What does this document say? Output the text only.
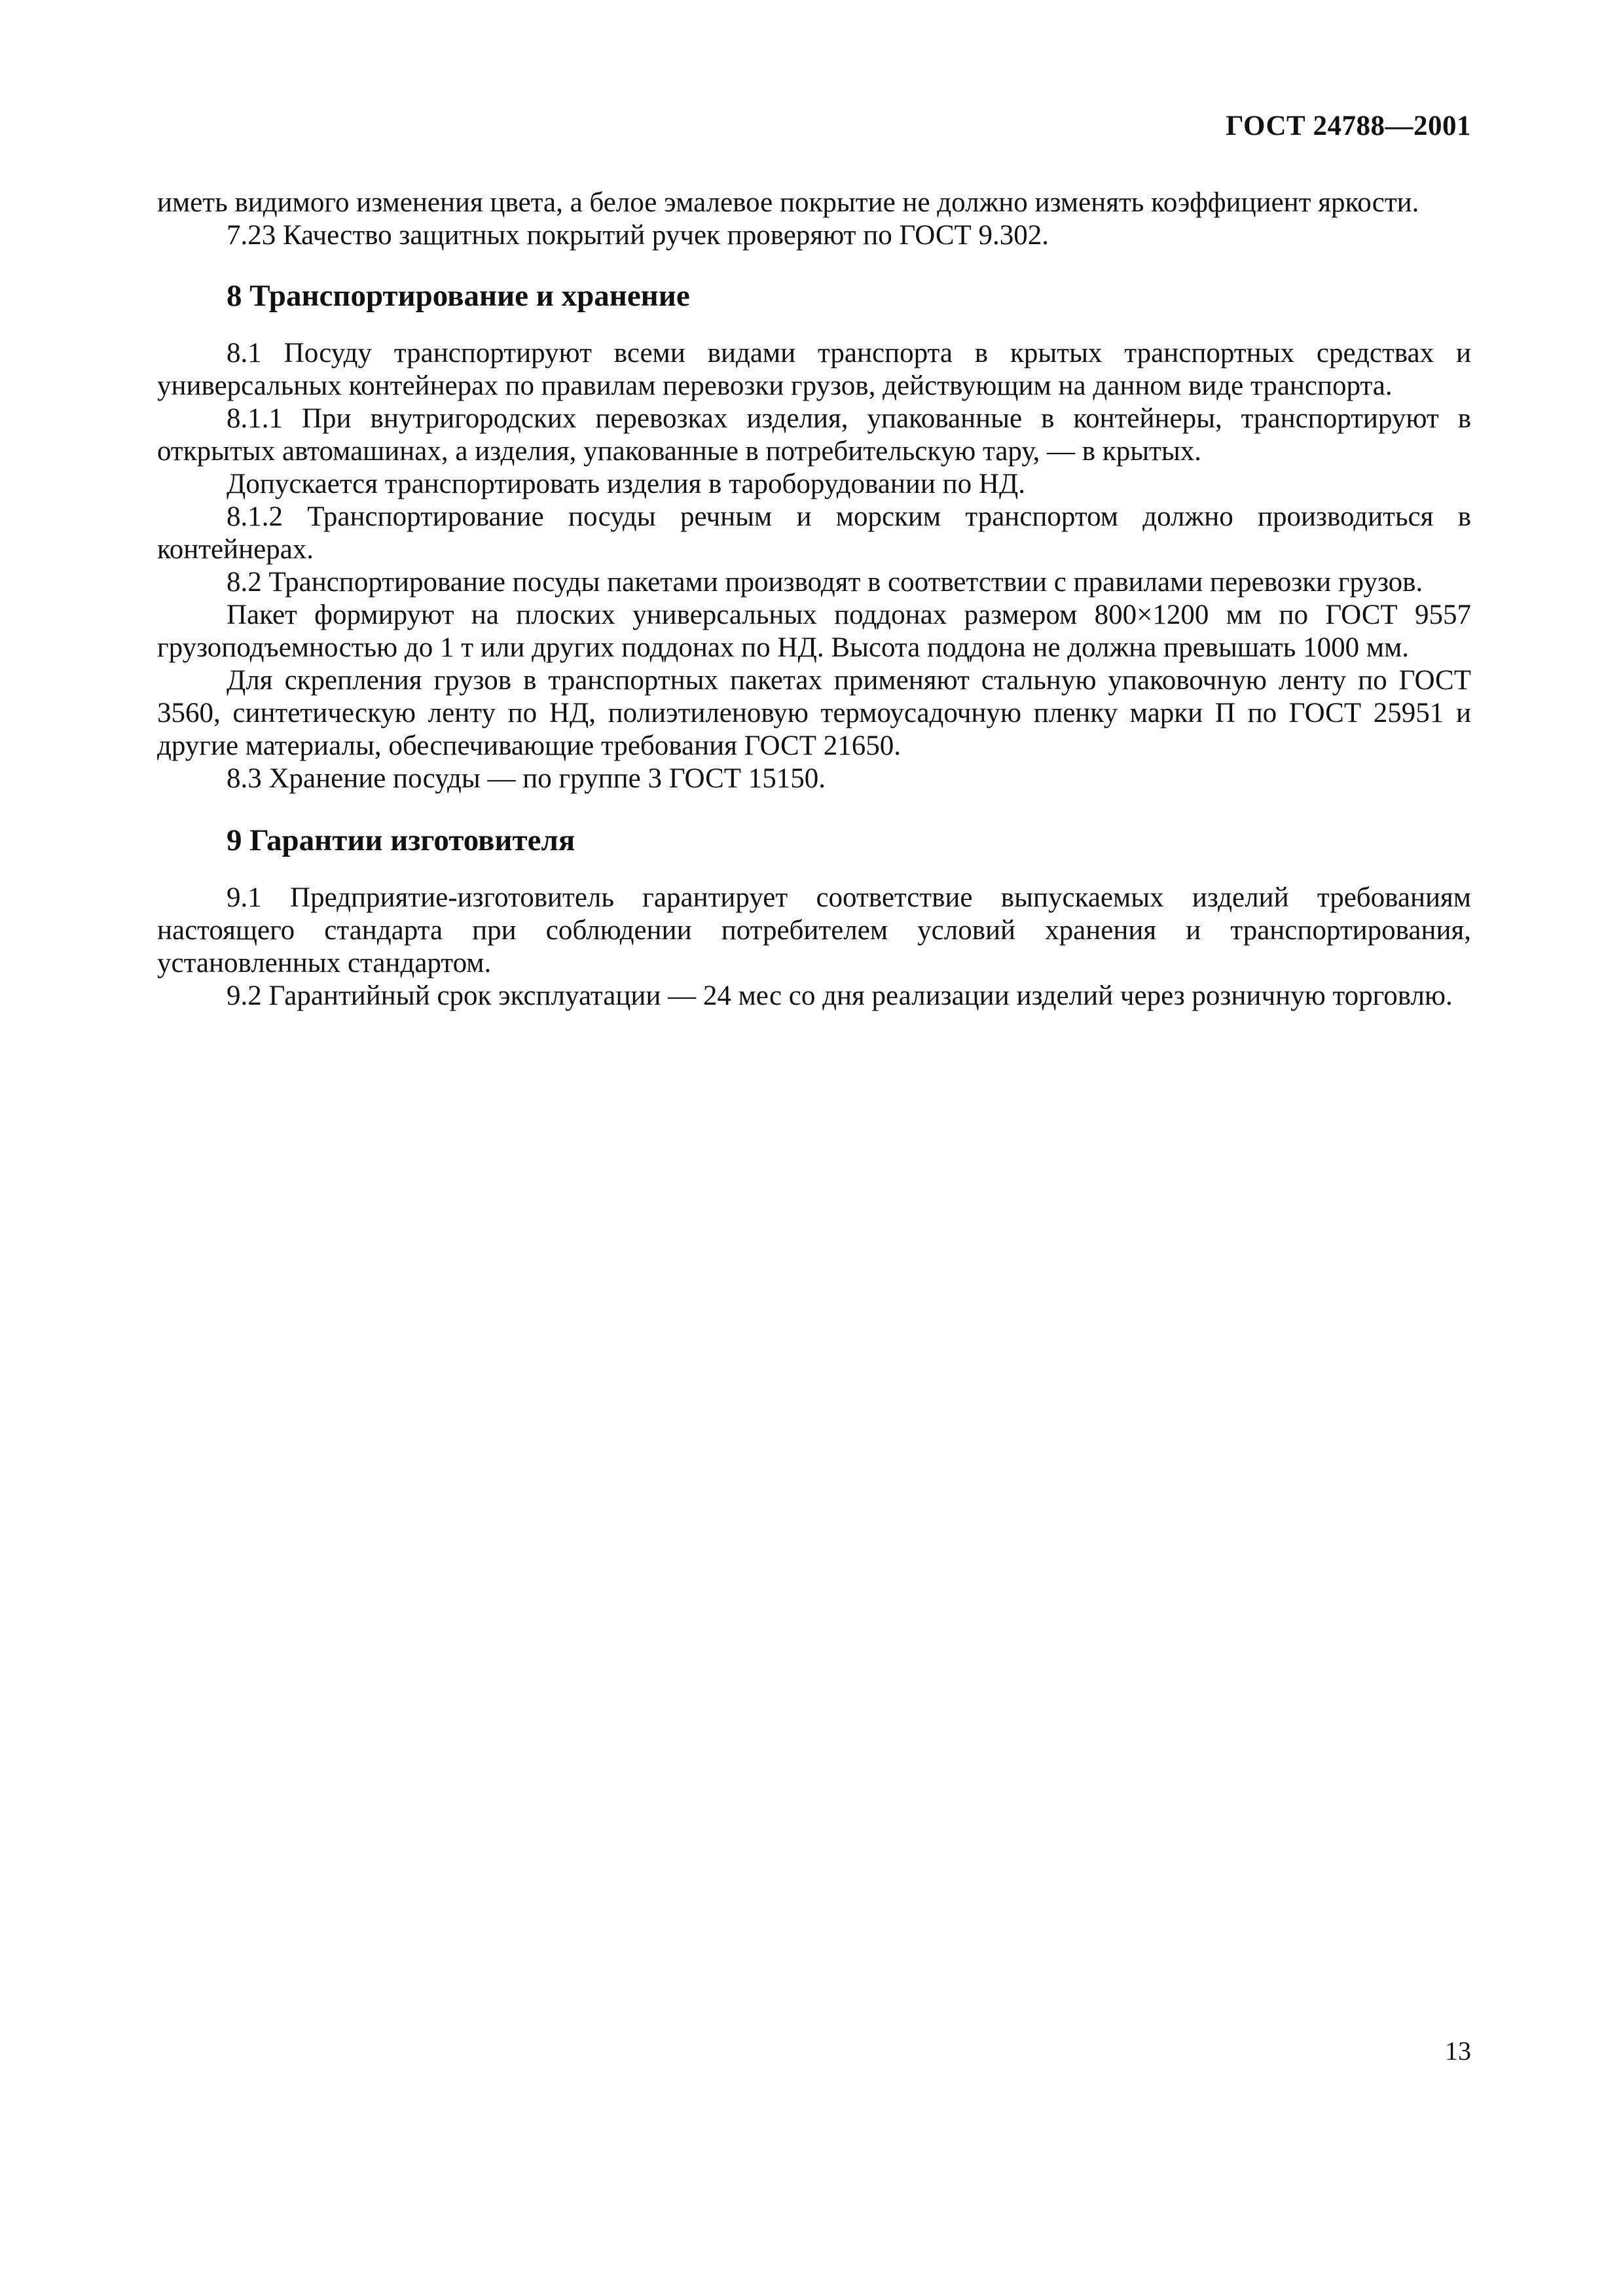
ГОСТ 24788—2001

иметь видимого изменения цвета, а белое эмалевое покрытие не должно изменять коэффициент яркости.

7.23 Качество защитных покрытий ручек проверяют по ГОСТ 9.302.

8 Транспортирование и хранение

8.1 Посуду транспортируют всеми видами транспорта в крытых транспортных средствах и универсальных контейнерах по правилам перевозки грузов, действующим на данном виде транспорта.

8.1.1 При внутригородских перевозках изделия, упакованные в контейнеры, транспортируют в открытых автомашинах, а изделия, упакованные в потребительскую тару, — в крытых.

Допускается транспортировать изделия в тароборудовании по НД.

8.1.2 Транспортирование посуды речным и морским транспортом должно производиться в контейнерах.

8.2 Транспортирование посуды пакетами производят в соответствии с правилами перевозки грузов.

Пакет формируют на плоских универсальных поддонах размером 800×1200 мм по ГОСТ 9557 грузоподъемностью до 1 т или других поддонах по НД. Высота поддона не должна превышать 1000 мм.

Для скрепления грузов в транспортных пакетах применяют стальную упаковочную ленту по ГОСТ 3560, синтетическую ленту по НД, полиэтиленовую термоусадочную пленку марки П по ГОСТ 25951 и другие материалы, обеспечивающие требования ГОСТ 21650.

8.3 Хранение посуды — по группе 3 ГОСТ 15150.

9 Гарантии изготовителя

9.1 Предприятие-изготовитель гарантирует соответствие выпускаемых изделий требованиям настоящего стандарта при соблюдении потребителем условий хранения и транспортирования, установленных стандартом.

9.2 Гарантийный срок эксплуатации — 24 мес со дня реализации изделий через розничную торговлю.

13
